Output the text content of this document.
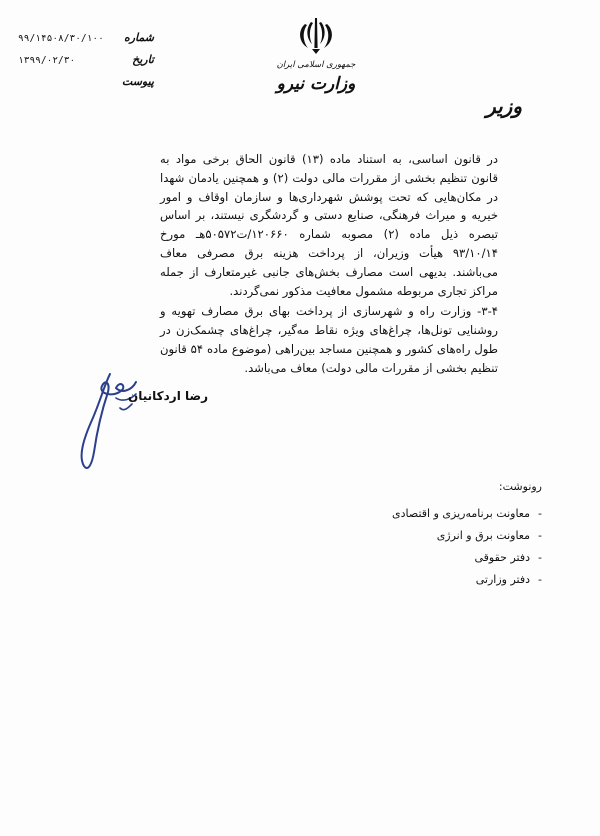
۹۹/۱۴۵۰۸/۳۰/۱۰۰ شماره
۱۳۹۹/۰۲/۳۰	تاریخ
پیوست
جمهوری اسلامی ایران
وزارت نیرو
وزیر

در قانون اساسی، به استناد ماده (۱۳) قانون الحاق برخی مواد به قانون تنظیم بخشی از مقررات مالی دولت (۲) و همچنین یادمان شهدا در مکان‌هایی که تحت پوشش شهرداری‌ها و سازمان اوقاف و امور خیریه و میراث فرهنگی، صنایع دستی و گردشگری نیستند، بر اساس تبصره ذیل ماده (۲) مصوبه شماره ۱۲۰۶۶۰/ت۵۰۵۷۲هـ مورخ ۹۳/۱۰/۱۴ هیأت وزیران، از پرداخت هزینه برق مصرفی معاف می‌باشند. بدیهی است مصارف بخش‌های جانبی غیرمتعارف از جمله مراکز تجاری مربوطه مشمول معافیت مذکور نمی‌گردند.

۳-۴- وزارت راه و شهرسازی از پرداخت بهای برق مصارف تهویه و روشنایی تونل‌ها، چراغ‌های ویژه نقاط مه‌گیر، چراغ‌های چشمک‌زن در طول راه‌های کشور و همچنین مساجد بین‌راهی (موضوع ماده ۵۴ قانون تنظیم بخشی از مقررات مالی دولت) معاف می‌باشد.

رضا اردکانیان

رونوشت:

-معاونت برنامه‌ریزی و اقتصادی
-معاونت برق و انرژی
-دفتر حقوقی
-دفتر وزارتی
